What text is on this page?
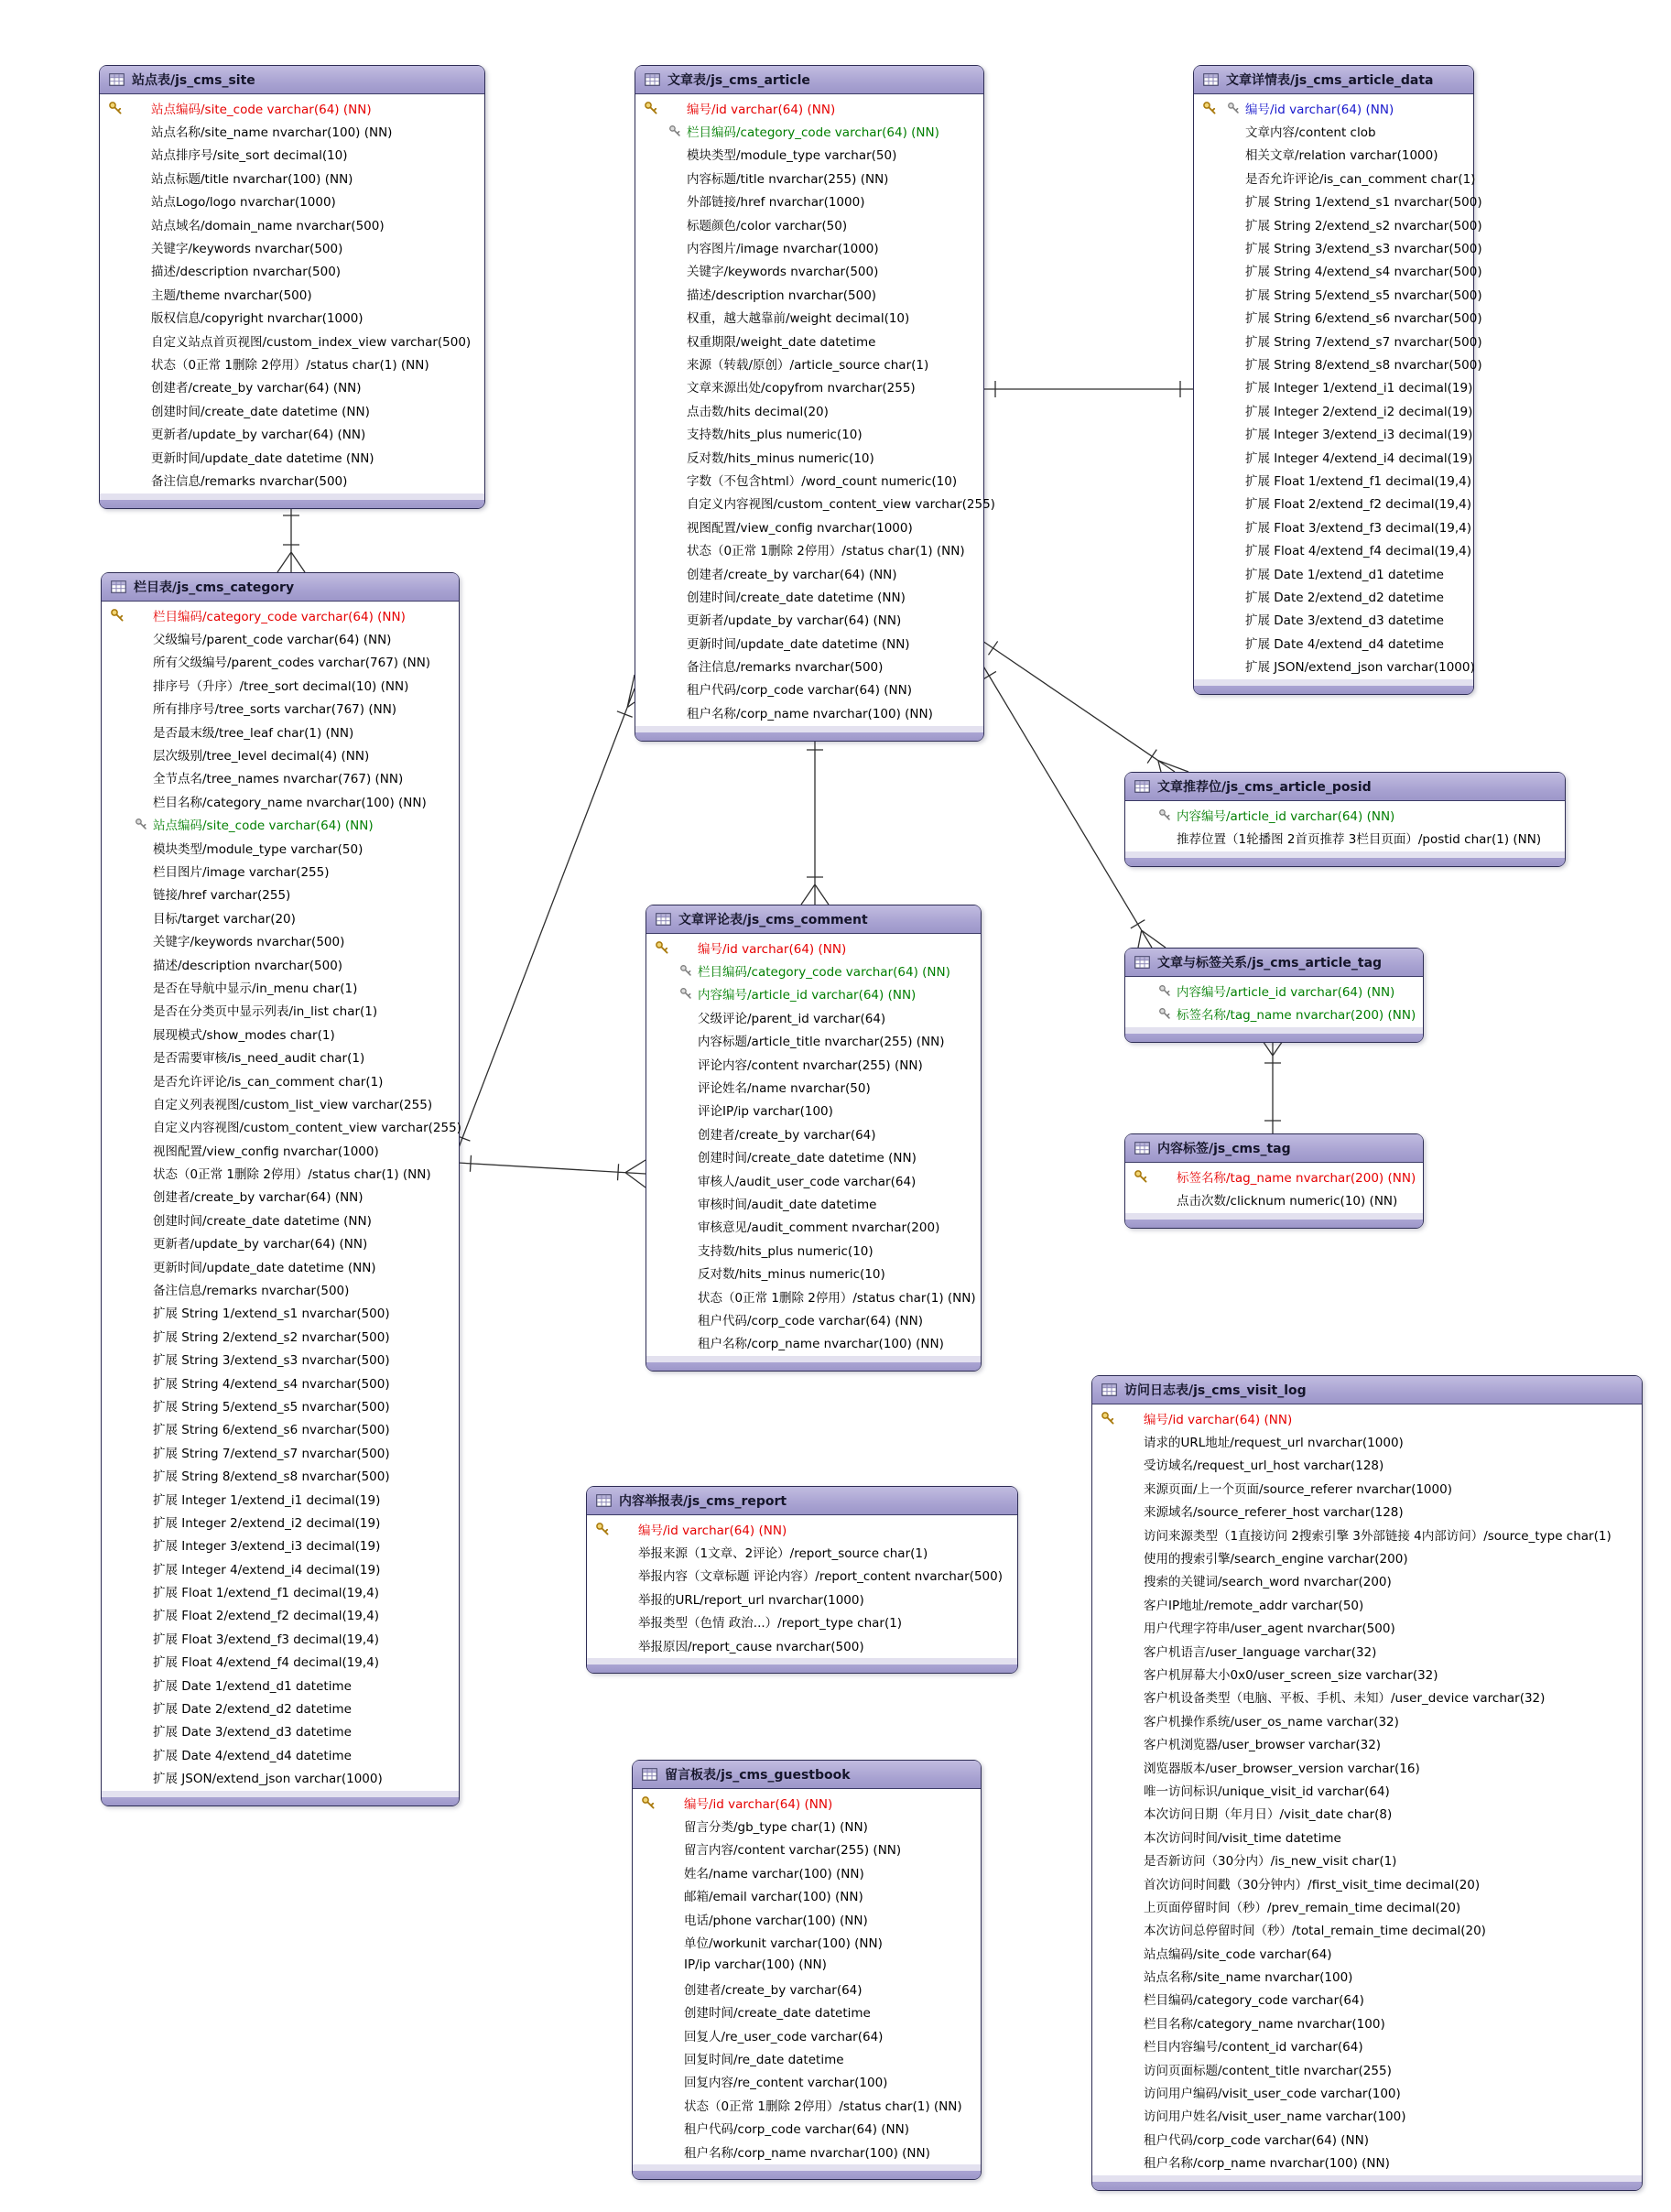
站点表/js_cms_site
站点编码/site_code varchar(64) (NN)
站点名称/site_name nvarchar(100) (NN)
站点排序号/site_sort decimal(10)
站点标题/title nvarchar(100) (NN)
站点Logo/logo nvarchar(1000)
站点域名/domain_name nvarchar(500)
关键字/keywords nvarchar(500)
描述/description nvarchar(500)
主题/theme nvarchar(500)
版权信息/copyright nvarchar(1000)
自定义站点首页视图/custom_index_view varchar(500)
状态（0正常 1删除 2停用）/status char(1) (NN)
创建者/create_by varchar(64) (NN)
创建时间/create_date datetime (NN)
更新者/update_by varchar(64) (NN)
更新时间/update_date datetime (NN)
备注信息/remarks nvarchar(500)
文章表/js_cms_article
编号/id varchar(64) (NN)
栏目编码/category_code varchar(64) (NN)
模块类型/module_type varchar(50)
内容标题/title nvarchar(255) (NN)
外部链接/href nvarchar(1000)
标题颜色/color varchar(50)
内容图片/image nvarchar(1000)
关键字/keywords nvarchar(500)
描述/description nvarchar(500)
权重，越大越靠前/weight decimal(10)
权重期限/weight_date datetime
来源（转载/原创）/article_source char(1)
文章来源出处/copyfrom nvarchar(255)
点击数/hits decimal(20)
支持数/hits_plus numeric(10)
反对数/hits_minus numeric(10)
字数（不包含html）/word_count numeric(10)
自定义内容视图/custom_content_view varchar(255)
视图配置/view_config nvarchar(1000)
状态（0正常 1删除 2停用）/status char(1) (NN)
创建者/create_by varchar(64) (NN)
创建时间/create_date datetime (NN)
更新者/update_by varchar(64) (NN)
更新时间/update_date datetime (NN)
备注信息/remarks nvarchar(500)
租户代码/corp_code varchar(64) (NN)
租户名称/corp_name nvarchar(100) (NN)
文章详情表/js_cms_article_data
编号/id varchar(64) (NN)
文章内容/content clob
相关文章/relation varchar(1000)
是否允许评论/is_can_comment char(1)
扩展 String 1/extend_s1 nvarchar(500)
扩展 String 2/extend_s2 nvarchar(500)
扩展 String 3/extend_s3 nvarchar(500)
扩展 String 4/extend_s4 nvarchar(500)
扩展 String 5/extend_s5 nvarchar(500)
扩展 String 6/extend_s6 nvarchar(500)
扩展 String 7/extend_s7 nvarchar(500)
扩展 String 8/extend_s8 nvarchar(500)
扩展 Integer 1/extend_i1 decimal(19)
扩展 Integer 2/extend_i2 decimal(19)
扩展 Integer 3/extend_i3 decimal(19)
扩展 Integer 4/extend_i4 decimal(19)
扩展 Float 1/extend_f1 decimal(19,4)
扩展 Float 2/extend_f2 decimal(19,4)
扩展 Float 3/extend_f3 decimal(19,4)
扩展 Float 4/extend_f4 decimal(19,4)
扩展 Date 1/extend_d1 datetime
扩展 Date 2/extend_d2 datetime
扩展 Date 3/extend_d3 datetime
扩展 Date 4/extend_d4 datetime
扩展 JSON/extend_json varchar(1000)
栏目表/js_cms_category
栏目编码/category_code varchar(64) (NN)
父级编号/parent_code varchar(64) (NN)
所有父级编号/parent_codes varchar(767) (NN)
排序号（升序）/tree_sort decimal(10) (NN)
所有排序号/tree_sorts varchar(767) (NN)
是否最末级/tree_leaf char(1) (NN)
层次级别/tree_level decimal(4) (NN)
全节点名/tree_names nvarchar(767) (NN)
栏目名称/category_name nvarchar(100) (NN)
站点编码/site_code varchar(64) (NN)
模块类型/module_type varchar(50)
栏目图片/image varchar(255)
链接/href varchar(255)
目标/target varchar(20)
关键字/keywords nvarchar(500)
描述/description nvarchar(500)
是否在导航中显示/in_menu char(1)
是否在分类页中显示列表/in_list char(1)
展现模式/show_modes char(1)
是否需要审核/is_need_audit char(1)
是否允许评论/is_can_comment char(1)
自定义列表视图/custom_list_view varchar(255)
自定义内容视图/custom_content_view varchar(255)
视图配置/view_config nvarchar(1000)
状态（0正常 1删除 2停用）/status char(1) (NN)
创建者/create_by varchar(64) (NN)
创建时间/create_date datetime (NN)
更新者/update_by varchar(64) (NN)
更新时间/update_date datetime (NN)
备注信息/remarks nvarchar(500)
扩展 String 1/extend_s1 nvarchar(500)
扩展 String 2/extend_s2 nvarchar(500)
扩展 String 3/extend_s3 nvarchar(500)
扩展 String 4/extend_s4 nvarchar(500)
扩展 String 5/extend_s5 nvarchar(500)
扩展 String 6/extend_s6 nvarchar(500)
扩展 String 7/extend_s7 nvarchar(500)
扩展 String 8/extend_s8 nvarchar(500)
扩展 Integer 1/extend_i1 decimal(19)
扩展 Integer 2/extend_i2 decimal(19)
扩展 Integer 3/extend_i3 decimal(19)
扩展 Integer 4/extend_i4 decimal(19)
扩展 Float 1/extend_f1 decimal(19,4)
扩展 Float 2/extend_f2 decimal(19,4)
扩展 Float 3/extend_f3 decimal(19,4)
扩展 Float 4/extend_f4 decimal(19,4)
扩展 Date 1/extend_d1 datetime
扩展 Date 2/extend_d2 datetime
扩展 Date 3/extend_d3 datetime
扩展 Date 4/extend_d4 datetime
扩展 JSON/extend_json varchar(1000)
文章评论表/js_cms_comment
编号/id varchar(64) (NN)
栏目编码/category_code varchar(64) (NN)
内容编号/article_id varchar(64) (NN)
父级评论/parent_id varchar(64)
内容标题/article_title nvarchar(255) (NN)
评论内容/content nvarchar(255) (NN)
评论姓名/name nvarchar(50)
评论IP/ip varchar(100)
创建者/create_by varchar(64)
创建时间/create_date datetime (NN)
审核人/audit_user_code varchar(64)
审核时间/audit_date datetime
审核意见/audit_comment nvarchar(200)
支持数/hits_plus numeric(10)
反对数/hits_minus numeric(10)
状态（0正常 1删除 2停用）/status char(1) (NN)
租户代码/corp_code varchar(64) (NN)
租户名称/corp_name nvarchar(100) (NN)
文章推荐位/js_cms_article_posid
内容编号/article_id varchar(64) (NN)
推荐位置（1轮播图 2首页推荐 3栏目页面）/postid char(1) (NN)
文章与标签关系/js_cms_article_tag
内容编号/article_id varchar(64) (NN)
标签名称/tag_name nvarchar(200) (NN)
内容标签/js_cms_tag
标签名称/tag_name nvarchar(200) (NN)
点击次数/clicknum numeric(10) (NN)
内容举报表/js_cms_report
编号/id varchar(64) (NN)
举报来源（1文章、2评论）/report_source char(1)
举报内容（文章标题 评论内容）/report_content nvarchar(500)
举报的URL/report_url nvarchar(1000)
举报类型（色情 政治...）/report_type char(1)
举报原因/report_cause nvarchar(500)
留言板表/js_cms_guestbook
编号/id varchar(64) (NN)
留言分类/gb_type char(1) (NN)
留言内容/content varchar(255) (NN)
姓名/name varchar(100) (NN)
邮箱/email varchar(100) (NN)
电话/phone varchar(100) (NN)
单位/workunit varchar(100) (NN)
IP/ip varchar(100) (NN)
创建者/create_by varchar(64)
创建时间/create_date datetime
回复人/re_user_code varchar(64)
回复时间/re_date datetime
回复内容/re_content varchar(100)
状态（0正常 1删除 2停用）/status char(1) (NN)
租户代码/corp_code varchar(64) (NN)
租户名称/corp_name nvarchar(100) (NN)
访问日志表/js_cms_visit_log
编号/id varchar(64) (NN)
请求的URL地址/request_url nvarchar(1000)
受访域名/request_url_host varchar(128)
来源页面/上一个页面/source_referer nvarchar(1000)
来源域名/source_referer_host varchar(128)
访问来源类型（1直接访问 2搜索引擎 3外部链接 4内部访问）/source_type char(1)
使用的搜索引擎/search_engine varchar(200)
搜索的关键词/search_word nvarchar(200)
客户IP地址/remote_addr varchar(50)
用户代理字符串/user_agent nvarchar(500)
客户机语言/user_language varchar(32)
客户机屏幕大小0x0/user_screen_size varchar(32)
客户机设备类型（电脑、平板、手机、未知）/user_device varchar(32)
客户机操作系统/user_os_name varchar(32)
客户机浏览器/user_browser varchar(32)
浏览器版本/user_browser_version varchar(16)
唯一访问标识/unique_visit_id varchar(64)
本次访问日期（年月日）/visit_date char(8)
本次访问时间/visit_time datetime
是否新访问（30分内）/is_new_visit char(1)
首次访问时间戳（30分钟内）/first_visit_time decimal(20)
上页面停留时间（秒）/prev_remain_time decimal(20)
本次访问总停留时间（秒）/total_remain_time decimal(20)
站点编码/site_code varchar(64)
站点名称/site_name nvarchar(100)
栏目编码/category_code varchar(64)
栏目名称/category_name nvarchar(100)
栏目内容编号/content_id varchar(64)
访问页面标题/content_title nvarchar(255)
访问用户编码/visit_user_code varchar(100)
访问用户姓名/visit_user_name varchar(100)
租户代码/corp_code varchar(64) (NN)
租户名称/corp_name nvarchar(100) (NN)
